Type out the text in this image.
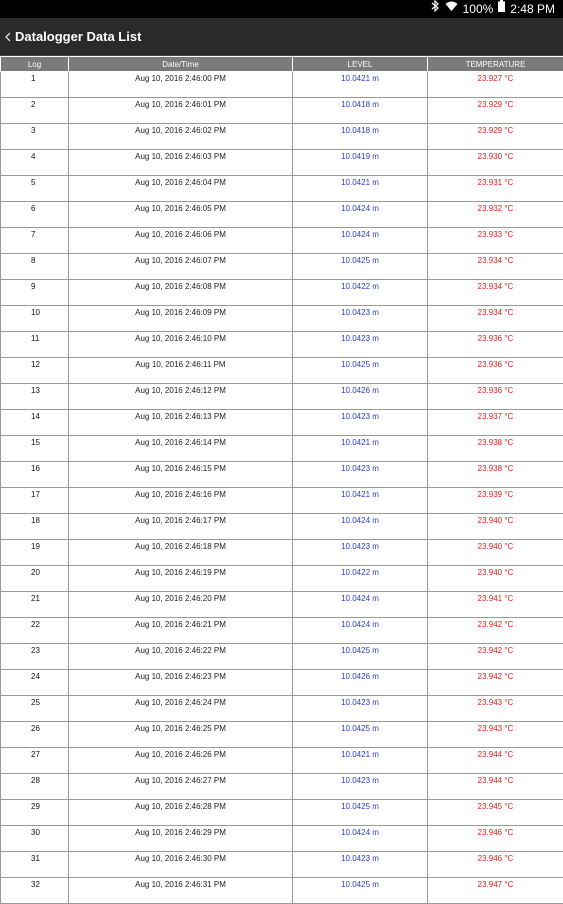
100% 2:48 PM
Datalogger Data List
Log	Date/Time	LEVEL	TEMPERATURE
1	Aug 10, 2016 2:46:00 PM	10.0421 m	23.927 °C
2	Aug 10, 2016 2:46:01 PM	10.0418 m	23.929 °C
3	Aug 10, 2016 2:46:02 PM	10.0418 m	23.929 °C
4	Aug 10, 2016 2:46:03 PM	10.0419 m	23.930 °C
5	Aug 10, 2016 2:46:04 PM	10.0421 m	23.931 °C
6	Aug 10, 2016 2:46:05 PM	10.0424 m	23.932 °C
7	Aug 10, 2016 2:46:06 PM	10.0424 m	23.933 °C
8	Aug 10, 2016 2:46:07 PM	10.0425 m	23.934 °C
9	Aug 10, 2016 2:46:08 PM	10.0422 m	23.934 °C
10	Aug 10, 2016 2:46:09 PM	10.0423 m	23.934 °C
11	Aug 10, 2016 2:46:10 PM	10.0423 m	23.936 °C
12	Aug 10, 2016 2:46:11 PM	10.0425 m	23.936 °C
13	Aug 10, 2016 2:46:12 PM	10.0426 m	23.936 °C
14	Aug 10, 2016 2:46:13 PM	10.0423 m	23.937 °C
15	Aug 10, 2016 2:46:14 PM	10.0421 m	23.938 °C
16	Aug 10, 2016 2:46:15 PM	10.0423 m	23.938 °C
17	Aug 10, 2016 2:46:16 PM	10.0421 m	23.939 °C
18	Aug 10, 2016 2:46:17 PM	10.0424 m	23.940 °C
19	Aug 10, 2016 2:46:18 PM	10.0423 m	23.940 °C
20	Aug 10, 2016 2:46:19 PM	10.0422 m	23.940 °C
21	Aug 10, 2016 2:46:20 PM	10.0424 m	23.941 °C
22	Aug 10, 2016 2:46:21 PM	10.0424 m	23.942 °C
23	Aug 10, 2016 2:46:22 PM	10.0425 m	23.942 °C
24	Aug 10, 2016 2:46:23 PM	10.0426 m	23.942 °C
25	Aug 10, 2016 2:46:24 PM	10.0423 m	23.943 °C
26	Aug 10, 2016 2:46:25 PM	10.0425 m	23.943 °C
27	Aug 10, 2016 2:46:26 PM	10.0421 m	23.944 °C
28	Aug 10, 2016 2:46:27 PM	10.0423 m	23.944 °C
29	Aug 10, 2016 2:46:28 PM	10.0425 m	23.945 °C
30	Aug 10, 2016 2:46:29 PM	10.0424 m	23.946 °C
31	Aug 10, 2016 2:46:30 PM	10.0423 m	23.946 °C
32	Aug 10, 2016 2:46:31 PM	10.0425 m	23.947 °C
